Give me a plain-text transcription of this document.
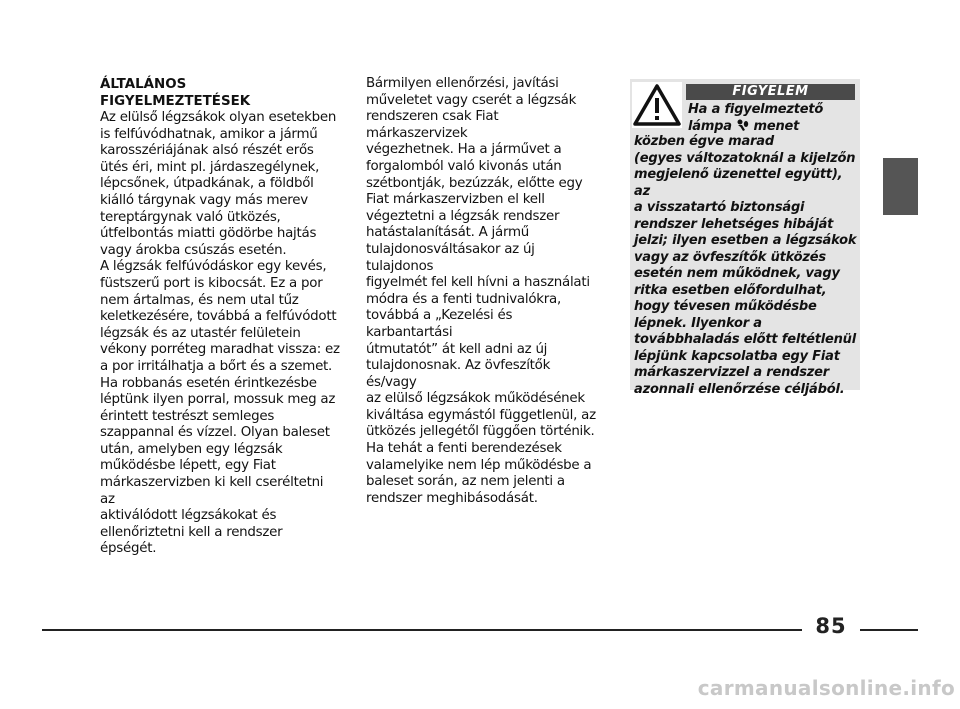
ÁLTALÁNOS
FIGYELMEZTETÉSEK

Az elülső légzsákok olyan esetekben
is felfúvódhatnak, amikor a jármű
karosszériájának alsó részét erős
ütés éri, mint pl. járdaszegélynek,
lépcsőnek, útpadkának, a földből
kiálló tárgynak vagy más merev
tereptárgynak való ütközés,
útfelbontás miatti gödörbe hajtás
vagy árokba csúszás esetén.
A légzsák felfúvódáskor egy kevés,
füstszerű port is kibocsát. Ez a por
nem ártalmas, és nem utal tűz
keletkezésére, továbbá a felfúvódott
légzsák és az utastér felületein
vékony porréteg maradhat vissza: ez
a por irritálhatja a bőrt és a szemet.
Ha robbanás esetén érintkezésbe
léptünk ilyen porral, mossuk meg az
érintett testrészt semleges
szappannal és vízzel. Olyan baleset
után, amelyben egy légzsák
működésbe lépett, egy Fiat
márkaszervizben ki kell cseréltetni az
aktiválódott légzsákokat és
ellenőriztetni kell a rendszer épségét.

Bármilyen ellenőrzési, javítási
műveletet vagy cserét a légzsák
rendszeren csak Fiat márkaszervizek
végezhetnek. Ha a járművet a
forgalomból való kivonás után
szétbontják, bezúzzák, előtte egy
Fiat márkaszervizben el kell
végeztetni a légzsák rendszer
hatástalanítását. A jármű
tulajdonosváltásakor az új tulajdonos
figyelmét fel kell hívni a használati
módra és a fenti tudnivalókra,
továbbá a „Kezelési és karbantartási
útmutatót” át kell adni az új
tulajdonosnak. Az övfeszítők és/vagy
az elülső légzsákok működésének
kiváltása egymástól függetlenül, az
ütközés jellegétől függően történik.
Ha tehát a fenti berendezések
valamelyike nem lép működésbe a
baleset során, az nem jelenti a
rendszer meghibásodását.

FIGYELEM
Ha a figyelmeztető
lámpa  menet
közben égve marad
(egyes változatoknál a kijelzőn
megjelenő üzenettel együtt), az
a visszatartó biztonsági
rendszer lehetséges hibáját
jelzi; ilyen esetben a légzsákok
vagy az övfeszítők ütközés
esetén nem működnek, vagy
ritka esetben előfordulhat,
hogy tévesen működésbe
lépnek. Ilyenkor a
továbbhaladás előtt feltétlenül
lépjünk kapcsolatba egy Fiat
márkaszervizzel a rendszer
azonnali ellenőrzése céljából.
85
carmanualsonline.info
